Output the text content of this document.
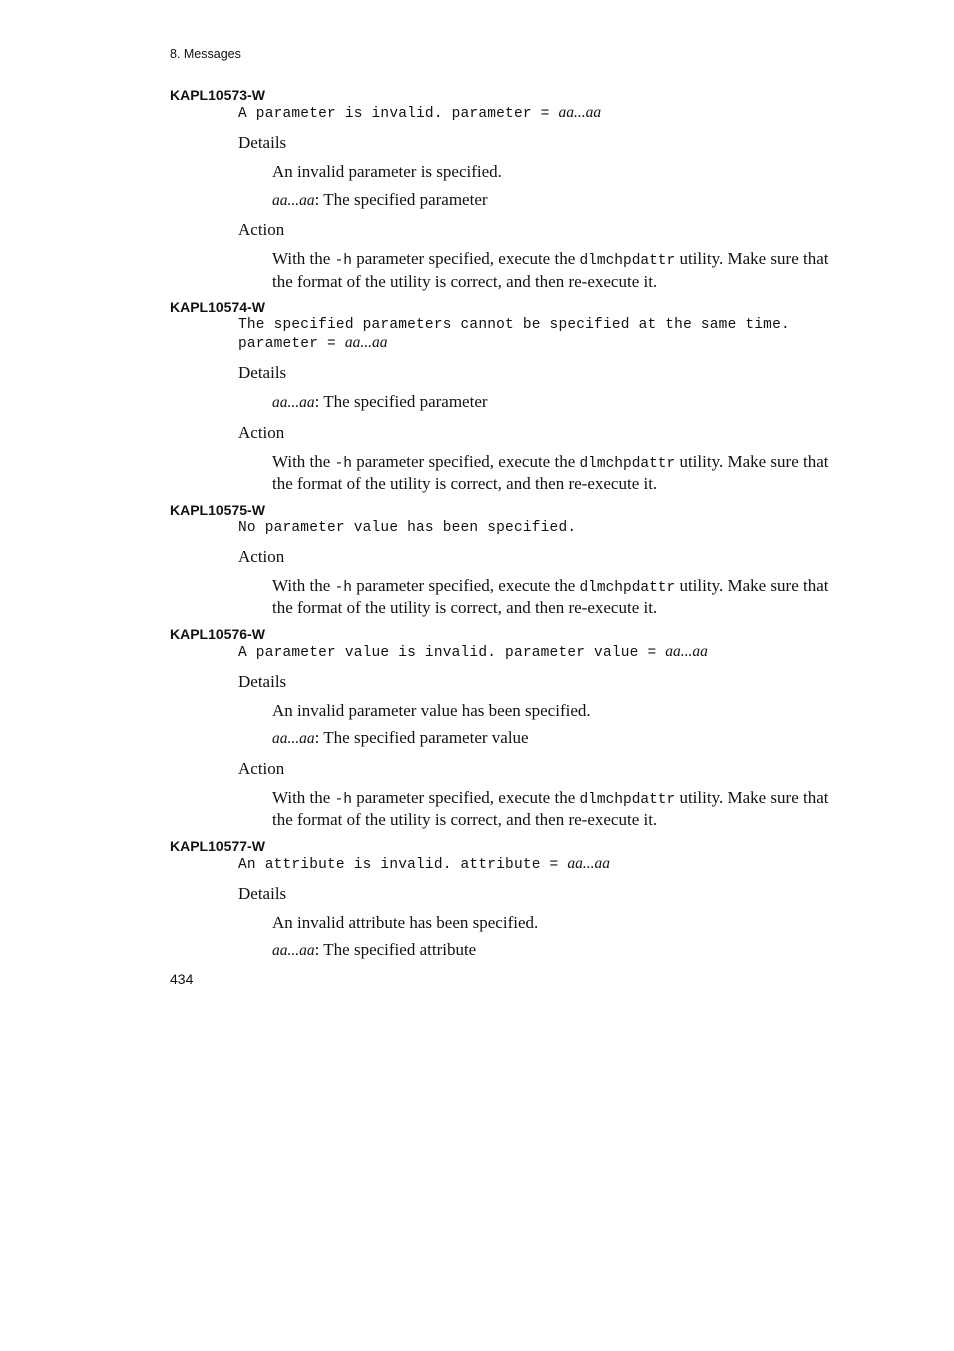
8. Messages

KAPL10573-W

A parameter is invalid. parameter = aa...aa

Details

An invalid parameter is specified.

aa...aa: The specified parameter

Action

With the -h parameter specified, execute the dlmchpdattr utility. Make sure that the format of the utility is correct, and then re-execute it.

KAPL10574-W

The specified parameters cannot be specified at the same time. parameter = aa...aa

Details

aa...aa: The specified parameter

Action

With the -h parameter specified, execute the dlmchpdattr utility. Make sure that the format of the utility is correct, and then re-execute it.

KAPL10575-W

No parameter value has been specified.

Action

With the -h parameter specified, execute the dlmchpdattr utility. Make sure that the format of the utility is correct, and then re-execute it.

KAPL10576-W

A parameter value is invalid. parameter value = aa...aa

Details

An invalid parameter value has been specified.

aa...aa: The specified parameter value

Action

With the -h parameter specified, execute the dlmchpdattr utility. Make sure that the format of the utility is correct, and then re-execute it.

KAPL10577-W

An attribute is invalid. attribute = aa...aa

Details

An invalid attribute has been specified.

aa...aa: The specified attribute

434
